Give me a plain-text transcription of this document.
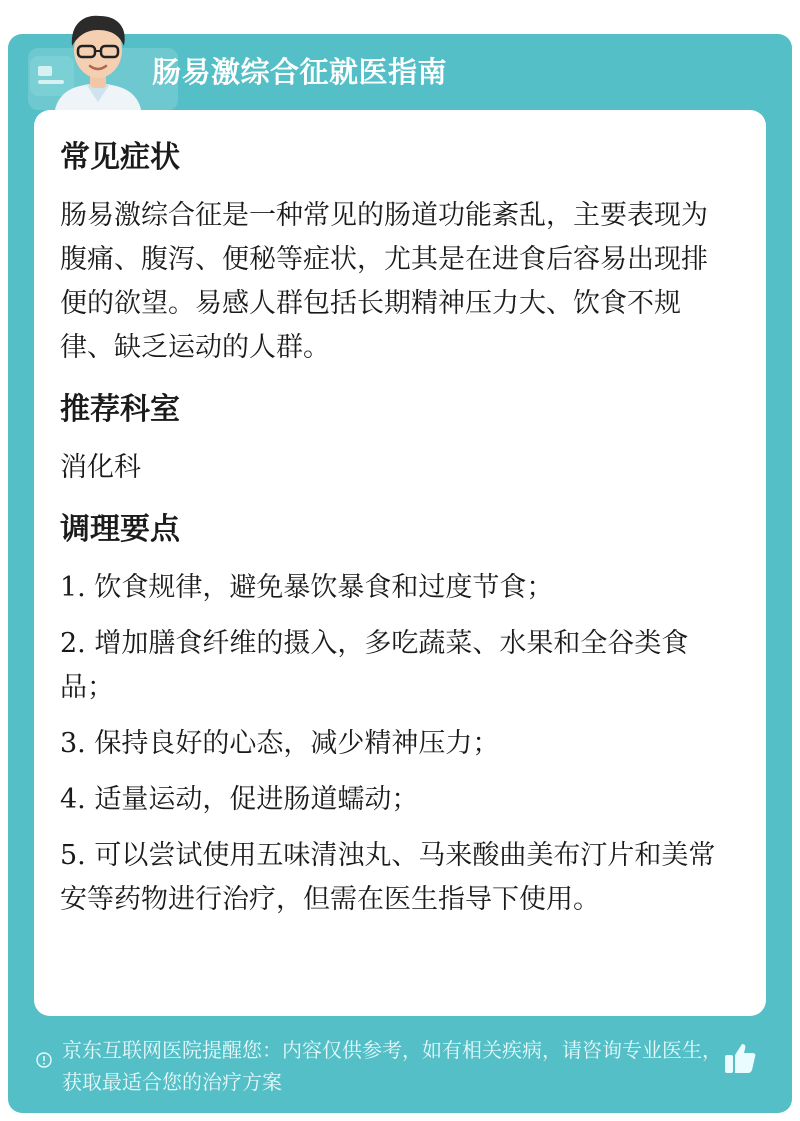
肠易激综合征就医指南
常见症状

肠易激综合征是一种常见的肠道功能紊乱，主要表现为腹痛、腹泻、便秘等症状，尤其是在进食后容易出现排便的欲望。易感人群包括长期精神压力大、饮食不规律、缺乏运动的人群。

推荐科室

消化科

调理要点

1. 饮食规律，避免暴饮暴食和过度节食；

2. 增加膳食纤维的摄入，多吃蔬菜、水果和全谷类食品；

3. 保持良好的心态，减少精神压力；

4. 适量运动，促进肠道蠕动；

5. 可以尝试使用五味清浊丸、马来酸曲美布汀片和美常安等药物进行治疗，但需在医生指导下使用。

京东互联网医院提醒您：内容仅供参考，如有相关疾病，请咨询专业医生，获取最适合您的治疗方案
